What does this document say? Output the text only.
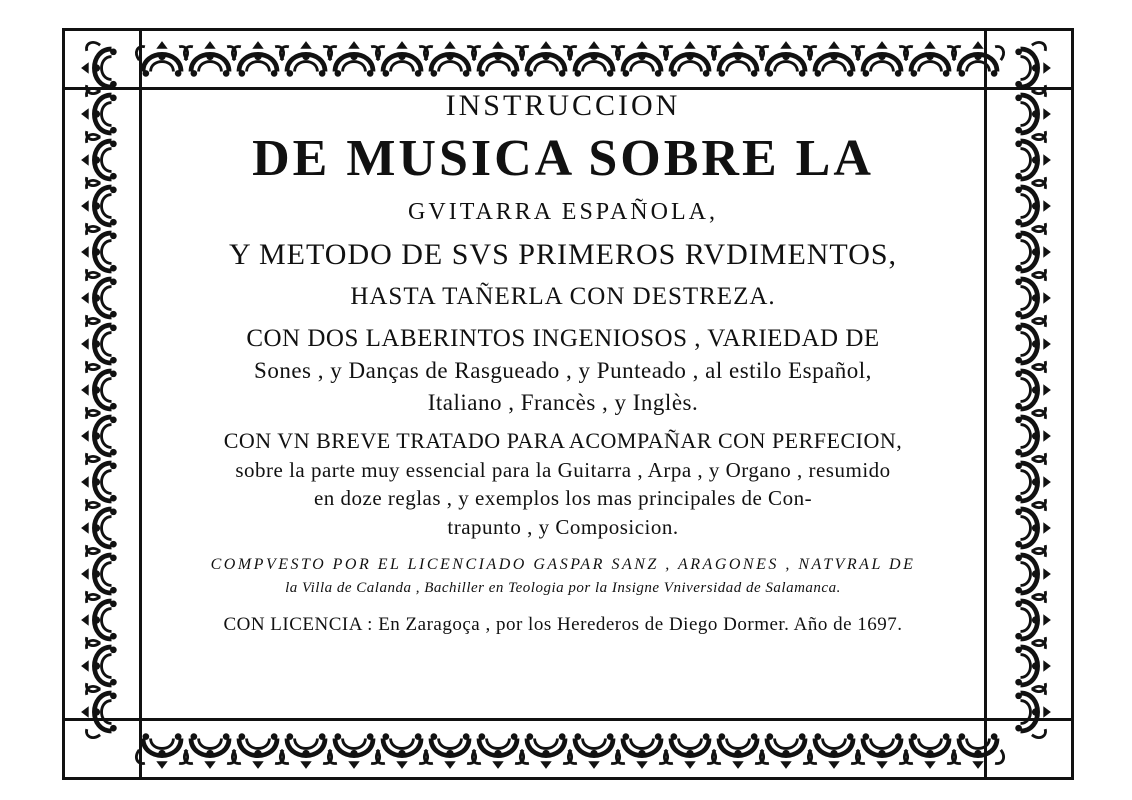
INSTRUCCION

DE MUSICA SOBRE LA

GVITARRA ESPAÑOLA,

Y METODO DE SVS PRIMEROS RVDIMENTOS,

HASTA TAÑERLA CON DESTREZA.

CON DOS LABERINTOS INGENIOSOS , VARIEDAD DE

Sones , y Danças de Rasgueado , y Punteado , al estilo Español,

Italiano , Francès , y Inglès.

CON VN BREVE TRATADO PARA ACOMPAÑAR CON PERFECION,

sobre la parte muy essencial para la Guitarra , Arpa , y Organo , resumido

en doze reglas , y exemplos los mas principales de Con-

trapunto , y Composicion.

COMPVESTO POR EL LICENCIADO GASPAR SANZ , ARAGONES , NATVRAL DE

la Villa de Calanda , Bachiller en Teologia por la Insigne Vniversidad de Salamanca.

CON LICENCIA : En Zaragoça , por los Herederos de Diego Dormer. Año de 1697.
